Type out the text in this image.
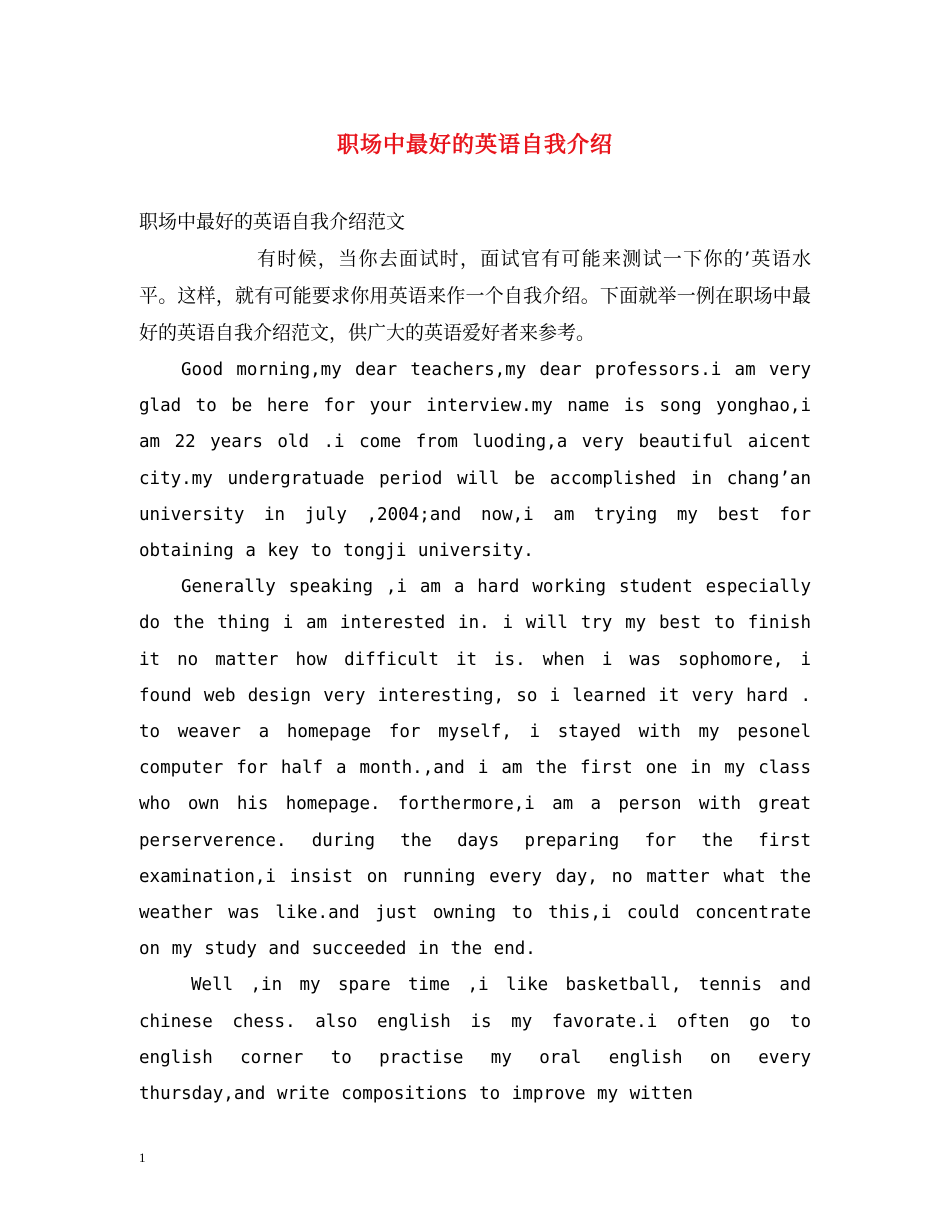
职场中最好的英语自我介绍

职场中最好的英语自我介绍范文

有时候，当你去面试时，面试官有可能来测试一下你的’英语水平。这样，就有可能要求你用英语来作一个自我介绍。下面就举一例在职场中最好的英语自我介绍范文，供广大的英语爱好者来参考。

Good morning,my dear teachers,my dear professors.i am very glad to be here for your interview.my name is song yonghao,i am 22 years old .i come from luoding,a very beautiful aicent city.my undergratuade period will be accomplished in chang’an university in july ,2004;and now,i am trying my best for obtaining a key to tongji university.

Generally speaking ,i am a hard working student especially do the thing i am interested in. i will try my best to finish it no matter how difficult it is. when i was sophomore, i found web design very interesting, so i learned it very hard . to weaver a homepage for myself, i stayed with my pesonel computer for half a month.,and i am the first one in my class who own his homepage. forthermore,i am a person with great perserverence. during the days preparing for the first examination,i insist on running every day, no matter what the weather was like.and just owning to this,i could concentrate on my study and succeeded in the end.

Well ,in my spare time ,i like basketball, tennis and chinese chess. also english is my favorate.i often go to english corner to practise my oral english on every thursday,and write compositions to improve my witten

1
